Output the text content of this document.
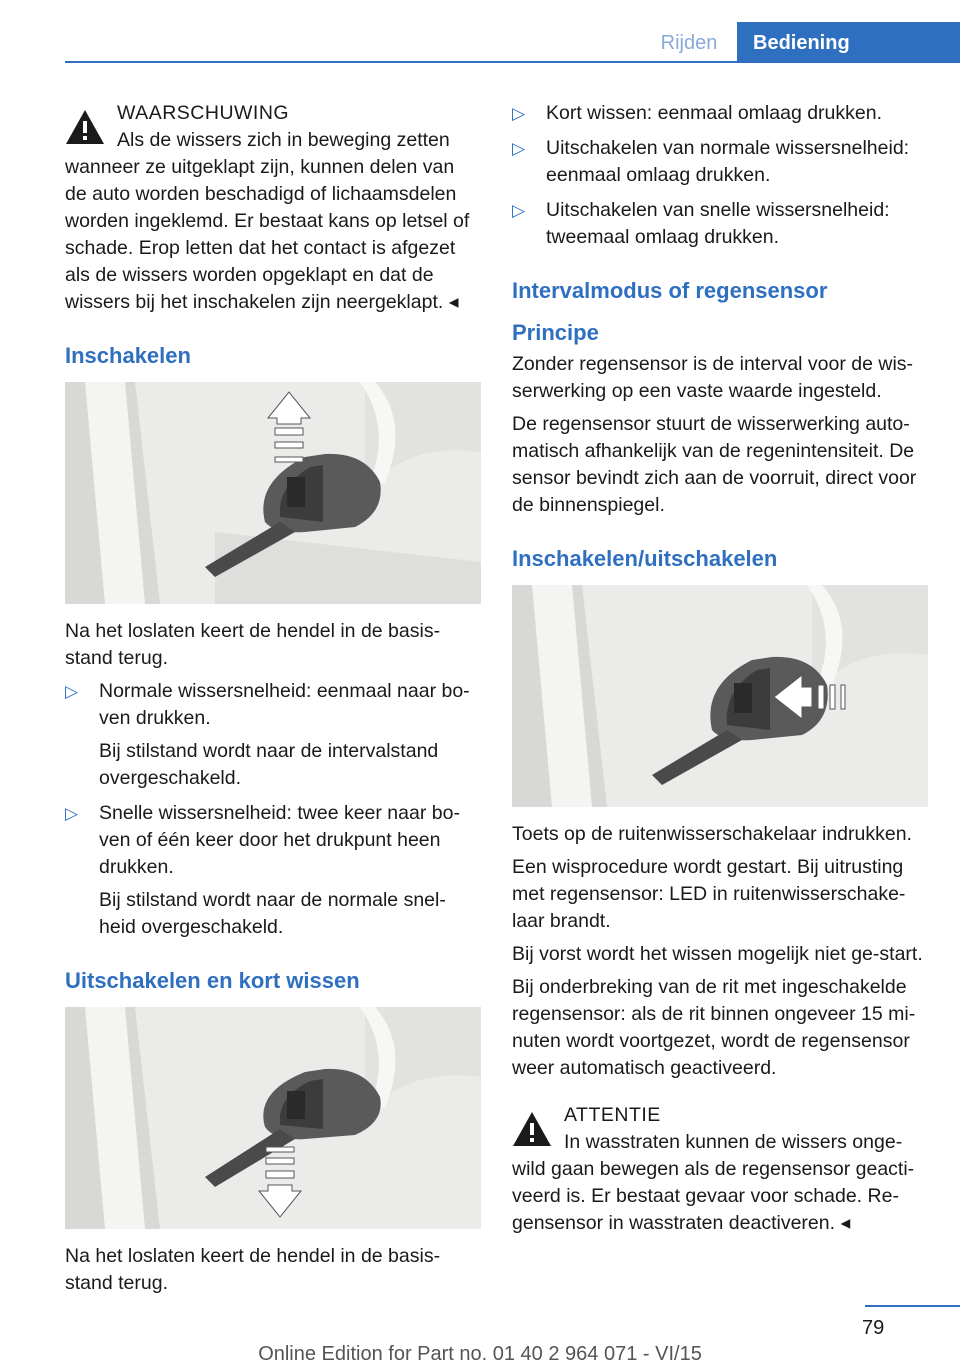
Rijden	Bediening
WAARSCHUWING
Als de wissers zich in beweging zetten
wanneer ze uitgeklapt zijn, kunnen delen van de auto worden beschadigd of lichaamsdelen worden ingeklemd. Er bestaat kans op letsel of schade. Erop letten dat het contact is afgezet als de wissers worden opgeklapt en dat de wissers bij het inschakelen zijn neergeklapt. ◂
Inschakelen

Na het loslaten keert de hendel in de basis-stand terug.

▷ Normale wissersnelheid: eenmaal naar bo-ven drukken.
Bij stilstand wordt naar de intervalstand overgeschakeld.
▷ Snelle wissersnelheid: twee keer naar bo-ven of één keer door het drukpunt heen drukken.
Bij stilstand wordt naar de normale snel-heid overgeschakeld.
Uitschakelen en kort wissen

Na het loslaten keert de hendel in de basis-stand terug.

▷ Kort wissen: eenmaal omlaag drukken.
▷ Uitschakelen van normale wissersnelheid: eenmaal omlaag drukken.
▷ Uitschakelen van snelle wissersnelheid: tweemaal omlaag drukken.
Intervalmodus of regensensor
Principe

Zonder regensensor is de interval voor de wis-serwerking op een vaste waarde ingesteld.

De regensensor stuurt de wisserwerking auto-matisch afhankelijk van de regenintensiteit. De sensor bevindt zich aan de voorruit, direct voor de binnenspiegel.

Inschakelen/uitschakelen

Toets op de ruitenwisserschakelaar indrukken.

Een wisprocedure wordt gestart. Bij uitrusting met regensensor: LED in ruitenwisserschake-laar brandt.

Bij vorst wordt het wissen mogelijk niet ge-start.

Bij onderbreking van de rit met ingeschakelde regensensor: als de rit binnen ongeveer 15 mi-nuten wordt voortgezet, wordt de regensensor weer automatisch geactiveerd.

ATTENTIE
In wasstraten kunnen de wissers onge-
wild gaan bewegen als de regensensor geacti-veerd is. Er bestaat gevaar voor schade. Re-gensensor in wasstraten deactiveren. ◂
79
Online Edition for Part no. 01 40 2 964 071 - VI/15
